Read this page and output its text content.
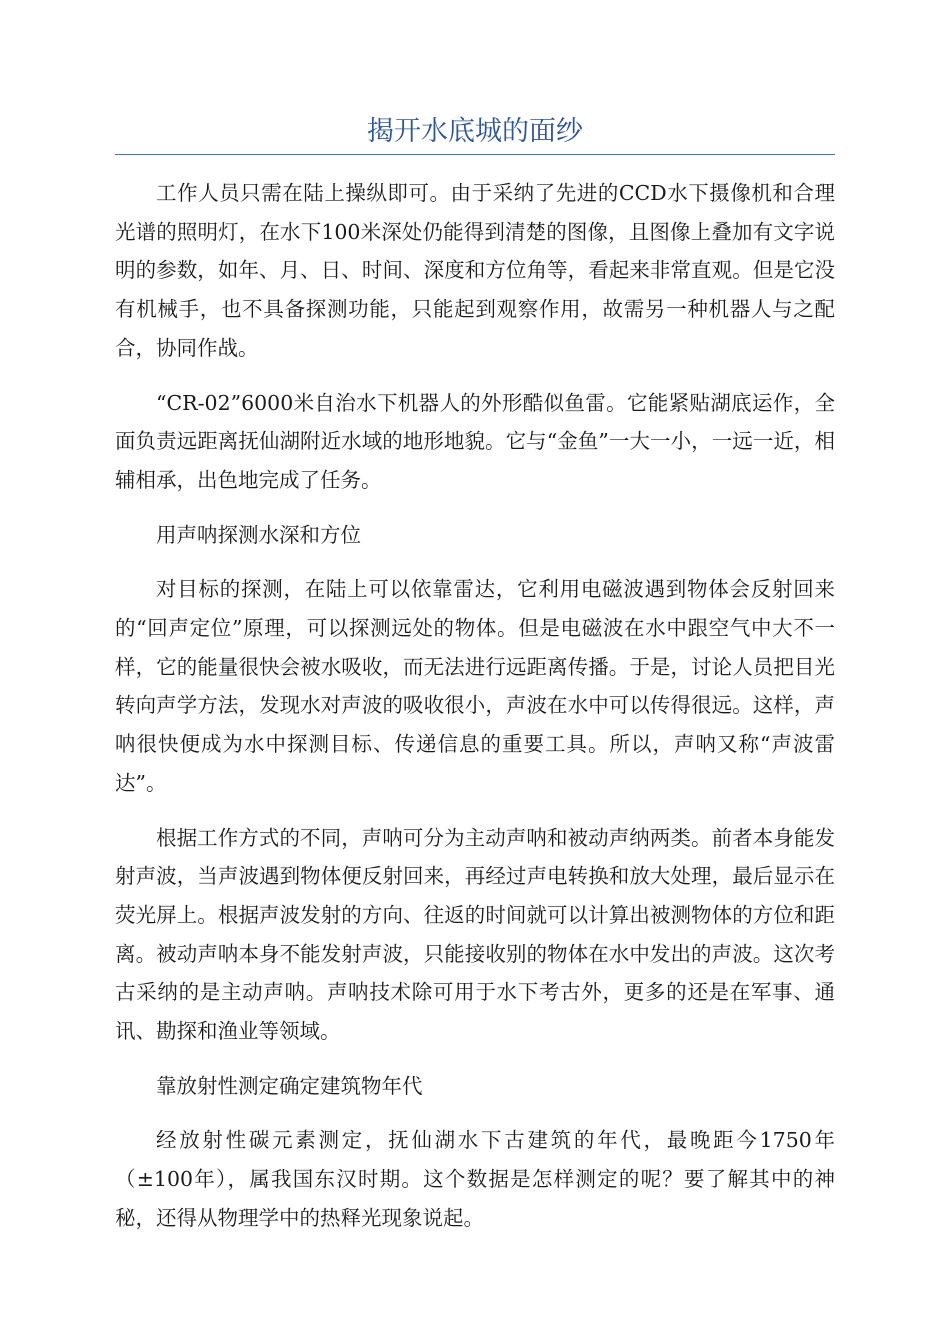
揭开水底城的面纱

工作人员只需在陆上操纵即可。由于采纳了先进的CCD水下摄像机和合理光谱的照明灯，在水下100米深处仍能得到清楚的图像，且图像上叠加有文字说明的参数，如年、月、日、时间、深度和方位角等，看起来非常直观。但是它没有机械手，也不具备探测功能，只能起到观察作用，故需另一种机器人与之配合，协同作战。

“CR-02”6000米自治水下机器人的外形酷似鱼雷。它能紧贴湖底运作，全面负责远距离抚仙湖附近水域的地形地貌。它与“金鱼”一大一小，一远一近，相辅相承，出色地完成了任务。

用声呐探测水深和方位

对目标的探测，在陆上可以依靠雷达，它利用电磁波遇到物体会反射回来的“回声定位”原理，可以探测远处的物体。但是电磁波在水中跟空气中大不一样，它的能量很快会被水吸收，而无法进行远距离传播。于是，讨论人员把目光转向声学方法，发现水对声波的吸收很小，声波在水中可以传得很远。这样，声呐很快便成为水中探测目标、传递信息的重要工具。所以，声呐又称“声波雷达”。

根据工作方式的不同，声呐可分为主动声呐和被动声纳两类。前者本身能发射声波，当声波遇到物体便反射回来，再经过声电转换和放大处理，最后显示在荧光屏上。根据声波发射的方向、往返的时间就可以计算出被测物体的方位和距离。被动声呐本身不能发射声波，只能接收别的物体在水中发出的声波。这次考古采纳的是主动声呐。声呐技术除可用于水下考古外，更多的还是在军事、通讯、勘探和渔业等领域。

靠放射性测定确定建筑物年代

经放射性碳元素测定，抚仙湖水下古建筑的年代，最晚距今1750年（±100年），属我国东汉时期。这个数据是怎样测定的呢？要了解其中的神秘，还得从物理学中的热释光现象说起。
